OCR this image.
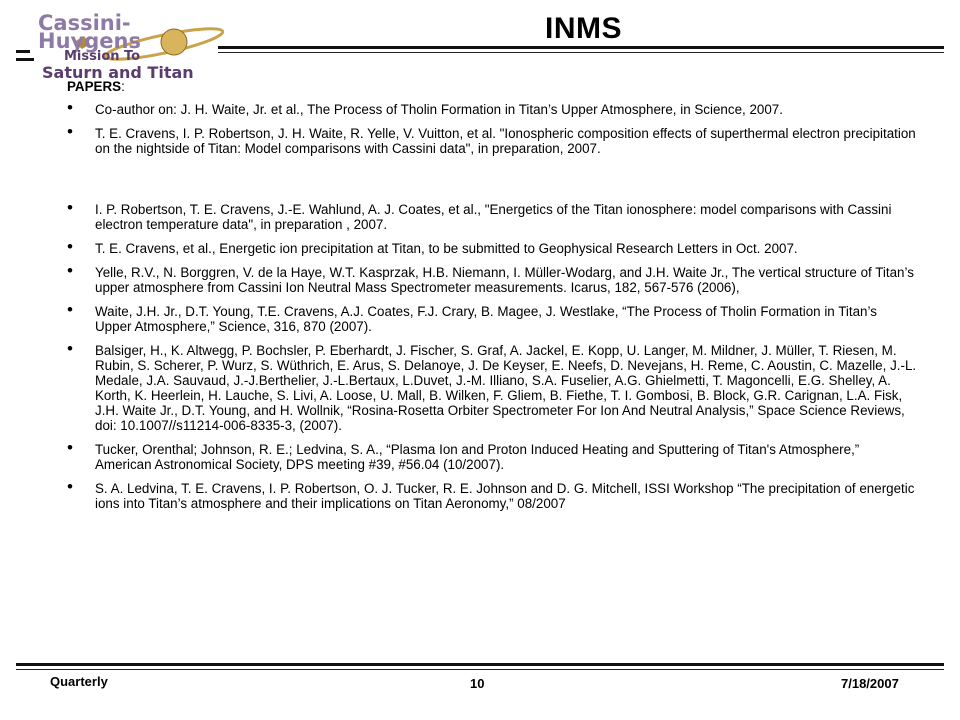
Cassini-Huygens
Mission To
Saturn and Titan
INMS
PAPERS:
• Co-author on: J. H. Waite, Jr. et al., The Process of Tholin Formation in Titan’s Upper Atmosphere, in Science, 2007.
• T. E. Cravens, I. P. Robertson, J. H. Waite, R. Yelle, V. Vuitton, et al. "Ionospheric composition effects of superthermal electron precipitation on the nightside of Titan: Model comparisons with Cassini data", in preparation, 2007.
• I. P. Robertson, T. E. Cravens, J.-E. Wahlund, A. J. Coates, et al., "Energetics of the Titan ionosphere: model comparisons with Cassini electron temperature data", in preparation , 2007.
• T. E. Cravens, et al., Energetic ion precipitation at Titan, to be submitted to Geophysical Research Letters in Oct. 2007.
• Yelle, R.V., N. Borggren, V. de la Haye, W.T. Kasprzak, H.B. Niemann, I. Müller-Wodarg, and J.H. Waite Jr., The vertical structure of Titan’s upper atmosphere from Cassini Ion Neutral Mass Spectrometer measurements. Icarus, 182, 567-576 (2006),
• Waite, J.H. Jr., D.T. Young, T.E. Cravens, A.J. Coates, F.J. Crary, B. Magee, J. Westlake, “The Process of Tholin Formation in Titan’s Upper Atmosphere,” Science, 316, 870 (2007).
• Balsiger, H., K. Altwegg, P. Bochsler, P. Eberhardt, J. Fischer, S. Graf, A. Jackel, E. Kopp, U. Langer, M. Mildner, J. Müller, T. Riesen, M. Rubin, S. Scherer, P. Wurz, S. Wüthrich, E. Arus, S. Delanoye, J. De Keyser, E. Neefs, D. Nevejans, H. Reme, C. Aoustin, C. Mazelle, J.-L. Medale, J.A. Sauvaud, J.-J.Berthelier, J.-L.Bertaux, L.Duvet, J.-M. Illiano, S.A. Fuselier, A.G. Ghielmetti, T. Magoncelli, E.G. Shelley, A. Korth, K. Heerlein, H. Lauche, S. Livi, A. Loose, U. Mall, B. Wilken, F. Gliem, B. Fiethe, T. I. Gombosi, B. Block, G.R. Carignan, L.A. Fisk, J.H. Waite Jr., D.T. Young, and H. Wollnik, “Rosina-Rosetta Orbiter Spectrometer For Ion And Neutral Analysis,” Space Science Reviews, doi: 10.1007//s11214-006-8335-3, (2007).
• Tucker, Orenthal; Johnson, R. E.; Ledvina, S. A., “Plasma Ion and Proton Induced Heating and Sputtering of Titan's Atmosphere,” American Astronomical Society, DPS meeting #39, #56.04 (10/2007).
• S. A. Ledvina, T. E. Cravens, I. P. Robertson, O. J. Tucker, R. E. Johnson and D. G. Mitchell, ISSI Workshop “The precipitation of energetic ions into Titan’s atmosphere and their implications on Titan Aeronomy,” 08/2007
Quarterly	10	7/18/2007
